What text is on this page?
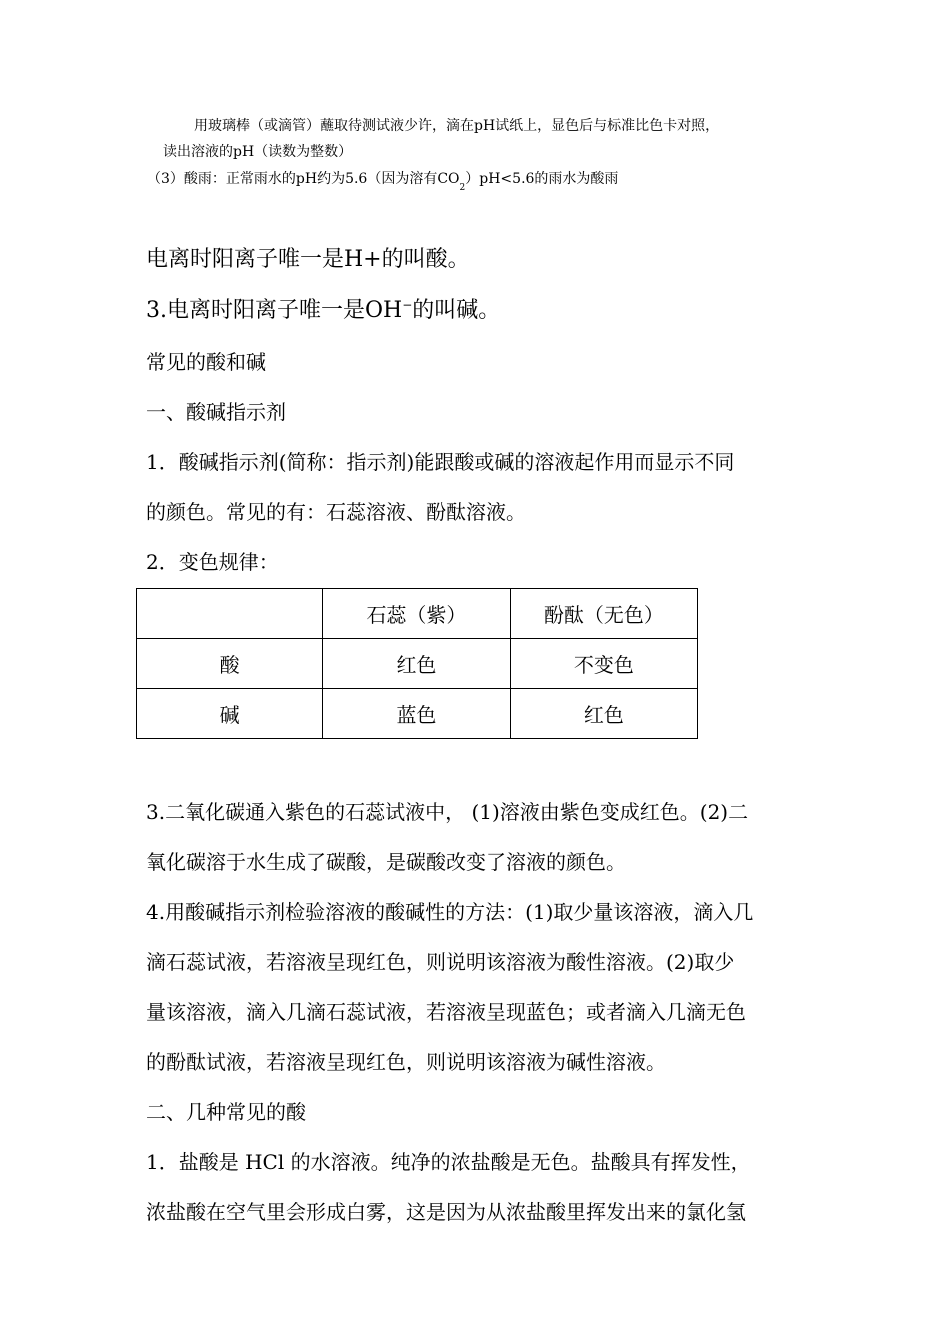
用玻璃棒（或滴管）蘸取待测试液少许，滴在pH试纸上，显色后与标准比色卡对照，
读出溶液的pH（读数为整数）
（3）酸雨：正常雨水的pH约为5.6（因为溶有$CO_2)pH<5.6$的雨水为酸雨
电离时阳离子唯一是H+的叫酸。
3.电离时阳离子唯一是OH−的叫碱。
常见的酸和碱
一、酸碱指示剂
1．酸碱指示剂(简称：指示剂)能跟酸或碱的溶液起作用而显示不同
的颜色。常见的有：石蕊溶液、酚酞溶液。
2．变色规律：
	石蕊（紫）	酚酞（无色）
酸	红色	不变色
碱	蓝色	红色
3.二氧化碳通入紫色的石蕊试液中， (1)溶液由紫色变成红色。(2)二
氧化碳溶于水生成了碳酸，是碳酸改变了溶液的颜色。
4.用酸碱指示剂检验溶液的酸碱性的方法：(1)取少量该溶液，滴入几
滴石蕊试液，若溶液呈现红色，则说明该溶液为酸性溶液。(2)取少
量该溶液，滴入几滴石蕊试液，若溶液呈现蓝色；或者滴入几滴无色
的酚酞试液，若溶液呈现红色，则说明该溶液为碱性溶液。
二、几种常见的酸
1．盐酸是 HCl 的水溶液。纯净的浓盐酸是无色。盐酸具有挥发性，
浓盐酸在空气里会形成白雾，这是因为从浓盐酸里挥发出来的氯化氢
